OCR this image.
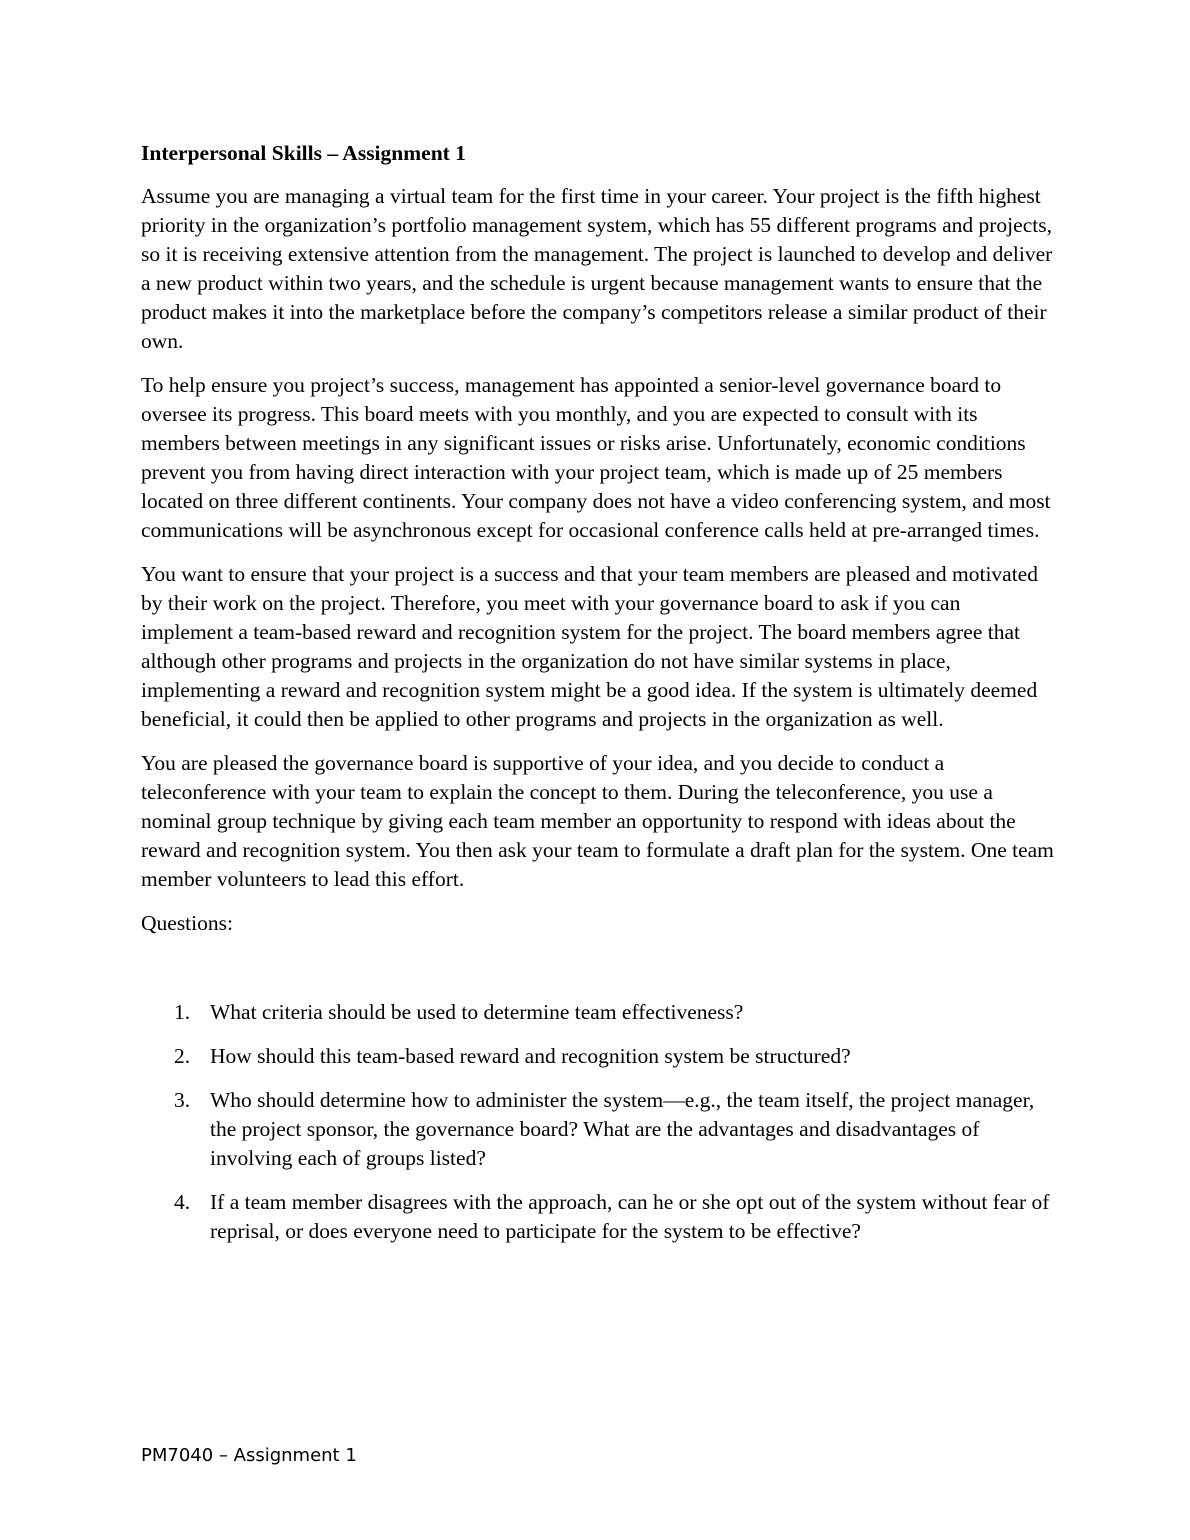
Interpersonal Skills – Assignment 1

Assume you are managing a virtual team for the first time in your career. Your project is the fifth highest priority in the organization’s portfolio management system, which has 55 different programs and projects, so it is receiving extensive attention from the management. The project is launched to develop and deliver a new product within two years, and the schedule is urgent because management wants to ensure that the product makes it into the marketplace before the company’s competitors release a similar product of their own.

To help ensure you project’s success, management has appointed a senior-level governance board to oversee its progress. This board meets with you monthly, and you are expected to consult with its members between meetings in any significant issues or risks arise. Unfortunately, economic conditions prevent you from having direct interaction with your project team, which is made up of 25 members located on three different continents. Your company does not have a video conferencing system, and most communications will be asynchronous except for occasional conference calls held at pre-arranged times.

You want to ensure that your project is a success and that your team members are pleased and motivated by their work on the project. Therefore, you meet with your governance board to ask if you can implement a team-based reward and recognition system for the project. The board members agree that although other programs and projects in the organization do not have similar systems in place, implementing a reward and recognition system might be a good idea. If the system is ultimately deemed beneficial, it could then be applied to other programs and projects in the organization as well.

You are pleased the governance board is supportive of your idea, and you decide to conduct a teleconference with your team to explain the concept to them. During the teleconference, you use a nominal group technique by giving each team member an opportunity to respond with ideas about the reward and recognition system. You then ask your team to formulate a draft plan for the system. One team member volunteers to lead this effort.

Questions:
1. What criteria should be used to determine team effectiveness?
2. How should this team-based reward and recognition system be structured?
3. Who should determine how to administer the system—e.g., the team itself, the project manager, the project sponsor, the governance board? What are the advantages and disadvantages of involving each of groups listed?
4. If a team member disagrees with the approach, can he or she opt out of the system without fear of reprisal, or does everyone need to participate for the system to be effective?
PM7040 – Assignment 1
